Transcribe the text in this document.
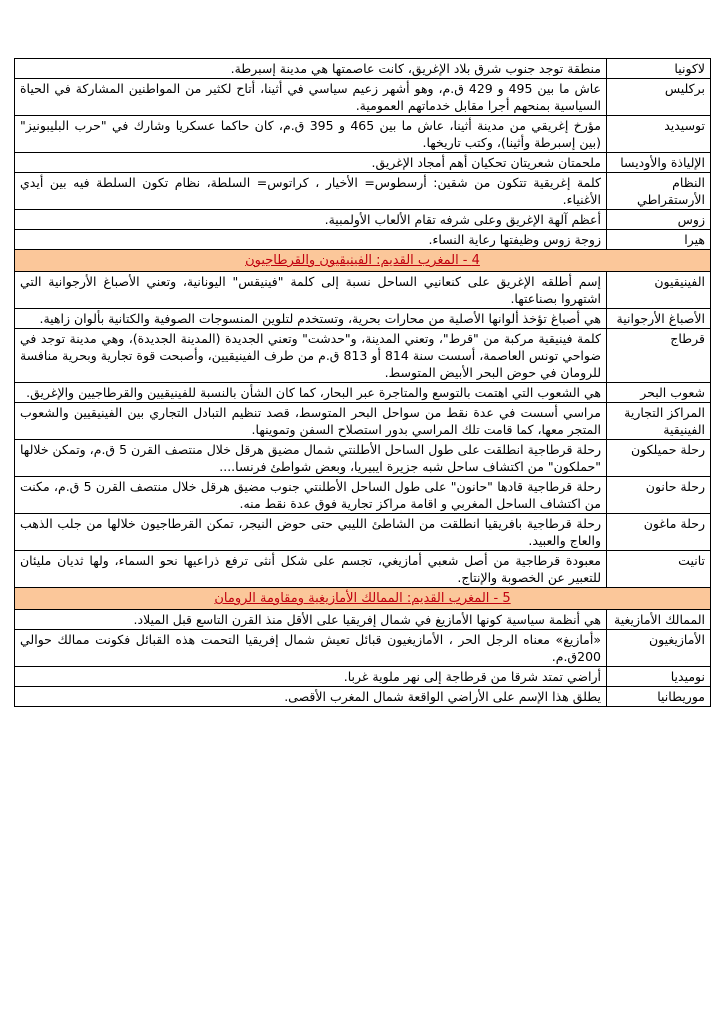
لاكونيا	منطقة توجد جنوب شرق بلاد الإغريق، كانت عاصمتها هي مدينة إسبرطة.
بركليس	عاش ما بين 495 و 429 ق.م، وهو أشهر زعيم سياسي في أثينا، أتاح لكثير من المواطنين المشاركة في الحياة السياسية بمنحهم أجرا مقابل خدماتهم العمومية.
توسيديد	مؤرخ إغريقي من مدينة أثينا، عاش ما بين 465 و 395 ق.م، كان حاكما عسكريا وشارك في "حرب البليبونيز" (بين إسبرطة وأثينا)، وكتب تاريخها.
الإلياذة والأوديسا	ملحمتان شعريتان تحكيان أهم أمجاد الإغريق.
النظام الأرستقراطي	كلمة إغريقية تتكون من شقين: أرسطوس= الأخيار ، كراتوس= السلطة، نظام تكون السلطة فيه بين أيدي الأغنياء.
زوس	أعظم آلهة الإغريق وعلى شرفه تقام الألعاب الأولمبية.
هيرا	زوجة زوس وظيفتها رعاية النساء.
4 - المغرب القديم: الفينيقيون والقرطاجيون	
الفينيقيون	إسم أطلقه الإغريق على كنعانيي الساحل نسبة إلى كلمة "فينيقس" اليونانية، وتعني الأصباغ الأرجوانية التي اشتهروا بصناعتها.
الأصباغ الأرجوانية	هي أصباغ تؤخذ ألوانها الأصلية من محارات بحرية، وتستخدم لتلوين المنسوجات الصوفية والكتانية بألوان زاهية.
قرطاج	كلمة فينيقية مركبة من "قرط"، وتعني المدينة، و"حدشت" وتعني الجديدة (المدينة الجديدة)، وهي مدينة توجد في ضواحي تونس العاصمة، أسست سنة 814 أو 813 ق.م من طرف الفينيقيين، وأصبحت قوة تجارية وبحرية منافسة للرومان في حوض البحر الأبيض المتوسط.
شعوب البحر	هي الشعوب التي اهتمت بالتوسع والمتاجرة عبر البحار، كما كان الشأن بالنسبة للفينيقيين والقرطاجيين والإغريق.
المراكز التجارية الفينيقية	مراسي أسست في عدة نقط من سواحل البحر المتوسط، قصد تنظيم التبادل التجاري بين الفينيقيين والشعوب المتجر معها، كما قامت تلك المراسي بدور استصلاح السفن وتموينها.
رحلة حميلكون	رحلة قرطاجية انطلقت على طول الساحل الأطلنتي شمال مضيق هرقل خلال منتصف القرن 5 ق.م، وتمكن خلالها "حملكون" من اكتشاف ساحل شبه جزيرة ايبيريا، وبعض شواطئ فرنسا....
رحلة حانون	رحلة قرطاجية قادها "حانون" على طول الساحل الأطلنتي جنوب مضيق هرقل خلال منتصف القرن 5 ق.م، مكنت من اكتشاف الساحل المغربي و اقامة مراكز تجارية فوق عدة نقط منه.
رحلة ماغون	رحلة قرطاجية بافريقيا انطلقت من الشاطئ الليبي حتى حوض النيجر، تمكن القرطاجيون خلالها من جلب الذهب والعاج والعبيد.
تانيت	معبودة قرطاجية من أصل شعبي أمازيغي، تجسم على شكل أنثى ترفع ذراعيها نحو السماء، ولها ثديان مليئان للتعبير عن الخصوبة والإنتاج.
5 - المغرب القديم: الممالك الأمازيغية ومقاومة الرومان	
الممالك الأمازيغية	هي أنظمة سياسية كونها الأمازيغ في شمال إفريقيا على الأقل منذ القرن التاسع قبل الميلاد.
الأمازيغيون	«أمازيغ» معناه الرجل الحر ، الأمازيغيون قبائل تعيش شمال إفريقيا التحمت هذه القبائل فكونت ممالك حوالي 200ق.م.
نوميديا	أراضي تمتد شرقا من قرطاجة إلى نهر ملوية غربا.
موريطانيا	يطلق هذا الإسم على الأراضي الواقعة شمال المغرب الأقصى.
